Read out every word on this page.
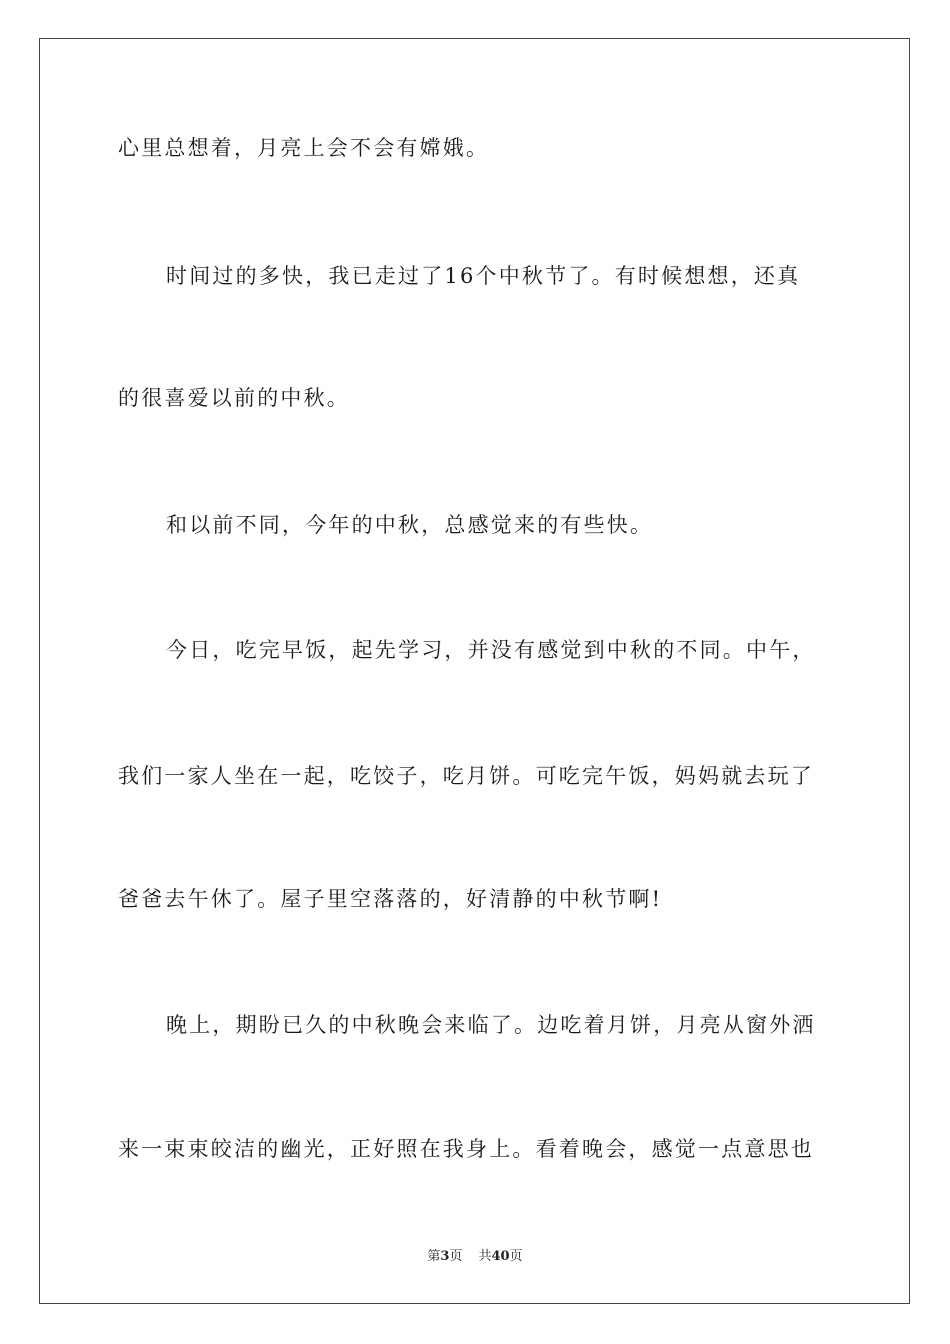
心里总想着，月亮上会不会有嫦娥。
时间过的多快，我已走过了16个中秋节了。有时候想想，还真
的很喜爱以前的中秋。
和以前不同，今年的中秋，总感觉来的有些快。
今日，吃完早饭，起先学习，并没有感觉到中秋的不同。中午，
我们一家人坐在一起，吃饺子，吃月饼。可吃完午饭，妈妈就去玩了
爸爸去午休了。屋子里空落落的，好清静的中秋节啊!
晚上，期盼已久的中秋晚会来临了。边吃着月饼，月亮从窗外洒
来一束束皎洁的幽光，正好照在我身上。看着晚会，感觉一点意思也
第3页 共40页
